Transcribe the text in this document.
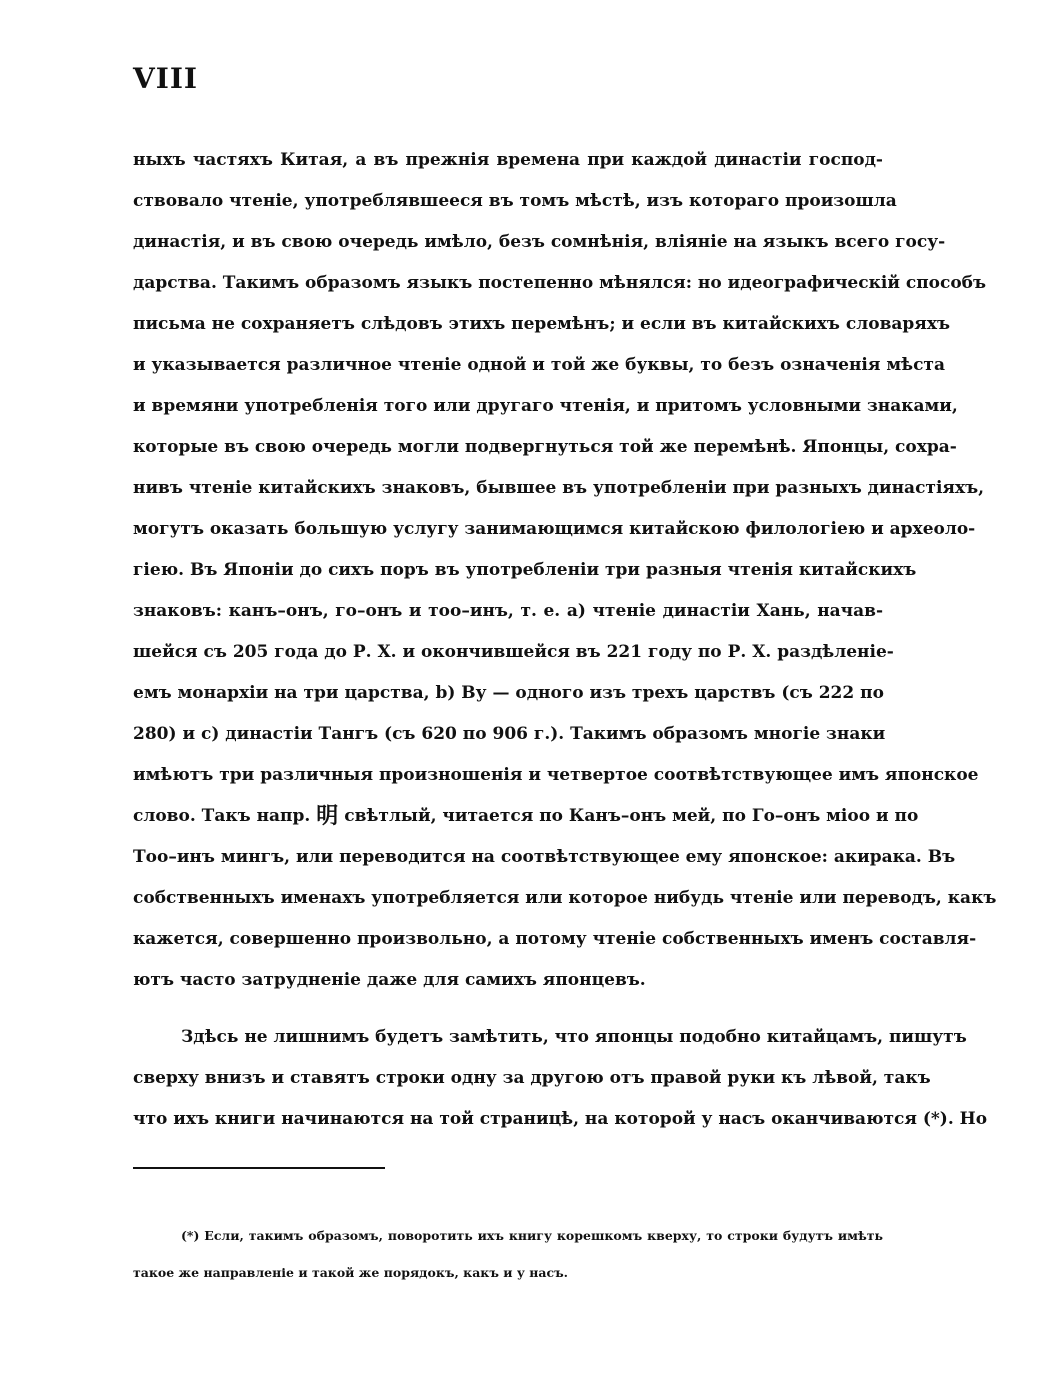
VIII
ныхъ частяхъ Китая, а въ прежнія времена при каждой династіи господ-
ствовало чтеніе, употреблявшееся въ томъ мѣстѣ, изъ котораго произошла
династія, и въ свою очередь имѣло, безъ сомнѣнія, вліяніе на языкъ всего госу-
дарства. Такимъ образомъ языкъ постепенно мѣнялся: но идеографическій способъ
письма не сохраняетъ слѣдовъ этихъ перемѣнъ; и если въ китайскихъ словаряхъ
и указывается различное чтеніе одной и той же буквы, то безъ означенія мѣста
и времяни употребленія того или другаго чтенія, и притомъ условными знаками,
которые въ свою очередь могли подвергнуться той же перемѣнѣ. Японцы, сохра-
нивъ чтеніе китайскихъ знаковъ, бывшее въ употребленіи при разныхъ династіяхъ,
могутъ оказать большую услугу занимающимся китайскою филологіею и археоло-
гіею. Въ Японіи до сихъ поръ въ употребленіи три разныя чтенія китайскихъ
знаковъ: канъ–онъ, го–онъ и тоо–инъ, т. е. а) чтеніе династіи Хань, начав-
шейся съ 205 года до Р. Х. и окончившейся въ 221 году по Р. Х. раздѣленіе-
емъ монархіи на три царства, b) Ву — одного изъ трехъ царствъ (съ 222 по
280) и с) династіи Тангъ (съ 620 по 906 г.). Такимъ образомъ многіе знаки
имѣютъ три различныя произношенія и четвертое соотвѣтствующее имъ японское
слово. Такъ напр. 明 свѣтлый, читается по Канъ–онъ мей, по Го–онъ міоо и по
Тоо–инъ мингъ, или переводится на соотвѣтствующее ему японское: акирака. Въ
собственныхъ именахъ употребляется или которое нибудь чтеніе или переводъ, какъ
кажется, совершенно произвольно, а потому чтеніе собственныхъ именъ составля-
ютъ часто затрудненіе даже для самихъ японцевъ.
Здѣсь не лишнимъ будетъ замѣтить, что японцы подобно китайцамъ, пишутъ
сверху внизъ и ставятъ строки одну за другою отъ правой руки къ лѣвой, такъ
что ихъ книги начинаются на той страницѣ, на которой у насъ оканчиваются (*). Но
(*) Если, такимъ образомъ, поворотить ихъ книгу корешкомъ кверху, то строки будутъ имѣть
такое же направленіе и такой же порядокъ, какъ и у насъ.
